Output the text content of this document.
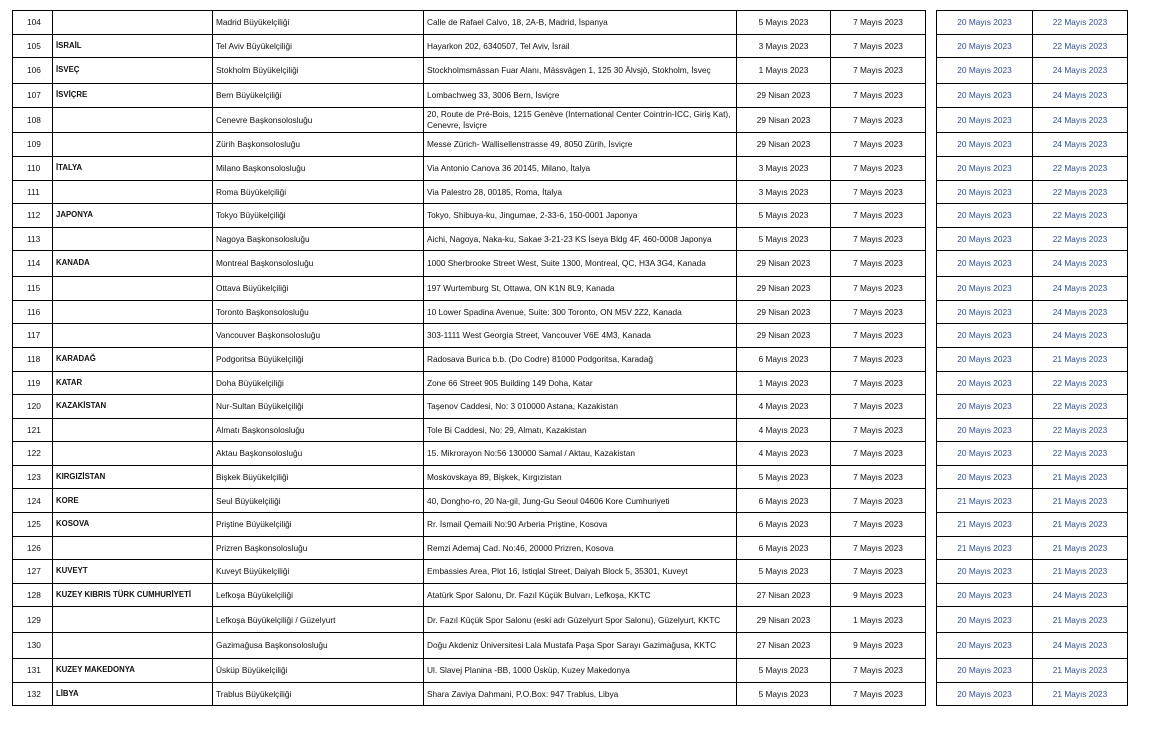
104		Madrid Büyükelçiliği	Calle de Rafael Calvo, 18, 2A-B, Madrid, İspanya	5 Mayıs 2023	7 Mayıs 2023		20 Mayıs 2023	22 Mayıs 2023
105	İSRAİL	Tel Aviv Büyükelçiliği	Hayarkon 202, 6340507, Tel Aviv, İsrail	3 Mayıs 2023	7 Mayıs 2023		20 Mayıs 2023	22 Mayıs 2023
106	İSVEÇ	Stokholm Büyükelçiliği	Stockholmsmässan Fuar Alanı, Mässvägen 1, 125 30 Älvsjö, Stokholm, İsveç	1 Mayıs 2023	7 Mayıs 2023		20 Mayıs 2023	24 Mayıs 2023
107	İSVİÇRE	Bern Büyükelçiliği	Lombachweg 33, 3006 Bern, İsviçre	29 Nisan 2023	7 Mayıs 2023		20 Mayıs 2023	24 Mayıs 2023
108		Cenevre Başkonsolosluğu	20, Route de Pré-Bois, 1215 Genève (International Center Cointrin-ICC, Giriş Kat), Cenevre, İsviçre	29 Nisan 2023	7 Mayıs 2023		20 Mayıs 2023	24 Mayıs 2023
109		Zürih Başkonsolosluğu	Messe Zürich- Wallisellenstrasse 49, 8050 Zürih, İsviçre	29 Nisan 2023	7 Mayıs 2023		20 Mayıs 2023	24 Mayıs 2023
110	İTALYA	Milano Başkonsolosluğu	Via Antonio Canova 36 20145, Milano, İtalya	3 Mayıs 2023	7 Mayıs 2023		20 Mayıs 2023	22 Mayıs 2023
111		Roma Büyükelçiliği	Via Palestro 28, 00185, Roma, İtalya	3 Mayıs 2023	7 Mayıs 2023		20 Mayıs 2023	22 Mayıs 2023
112	JAPONYA	Tokyo Büyükelçiliği	Tokyo, Shibuya-ku, Jingumae, 2-33-6, 150-0001 Japonya	5 Mayıs 2023	7 Mayıs 2023		20 Mayıs 2023	22 Mayıs 2023
113		Nagoya Başkonsolosluğu	Aichi, Nagoya, Naka-ku, Sakae 3-21-23 KS İseya Bldg 4F, 460-0008 Japonya	5 Mayıs 2023	7 Mayıs 2023		20 Mayıs 2023	22 Mayıs 2023
114	KANADA	Montreal Başkonsolosluğu	1000 Sherbrooke Street West, Suite 1300, Montreal, QC, H3A 3G4, Kanada	29 Nisan 2023	7 Mayıs 2023		20 Mayıs 2023	24 Mayıs 2023
115		Ottava Büyükelçiliği	197 Wurtemburg St, Ottawa, ON K1N 8L9, Kanada	29 Nisan 2023	7 Mayıs 2023		20 Mayıs 2023	24 Mayıs 2023
116		Toronto Başkonsolosluğu	10 Lower Spadina Avenue, Suite: 300 Toronto, ON M5V 2Z2, Kanada	29 Nisan 2023	7 Mayıs 2023		20 Mayıs 2023	24 Mayıs 2023
117		Vancouver Başkonsolosluğu	303-1111 West Georgia Street, Vancouver V6E 4M3, Kanada	29 Nisan 2023	7 Mayıs 2023		20 Mayıs 2023	24 Mayıs 2023
118	KARADAĞ	Podgoritsa Büyükelçiliği	Radosava Burica b.b. (Do Codre) 81000 Podgoritsa, Karadağ	6 Mayıs 2023	7 Mayıs 2023		20 Mayıs 2023	21 Mayıs 2023
119	KATAR	Doha Büyükelçiliği	Zone 66 Street 905 Building 149 Doha, Katar	1 Mayıs 2023	7 Mayıs 2023		20 Mayıs 2023	22 Mayıs 2023
120	KAZAKİSTAN	Nur-Sultan Büyükelçiliği	Taşenov Caddesi, No: 3 010000 Astana, Kazakistan	4 Mayıs 2023	7 Mayıs 2023		20 Mayıs 2023	22 Mayıs 2023
121		Almatı Başkonsolosluğu	Tole Bi Caddesi, No: 29, Almatı, Kazakistan	4 Mayıs 2023	7 Mayıs 2023		20 Mayıs 2023	22 Mayıs 2023
122		Aktau Başkonsolosluğu	15. Mikrorayon No:56 130000 Samal / Aktau, Kazakistan	4 Mayıs 2023	7 Mayıs 2023		20 Mayıs 2023	22 Mayıs 2023
123	KIRGIZİSTAN	Bişkek Büyükelçiliği	Moskovskaya 89, Bişkek, Kırgızistan	5 Mayıs 2023	7 Mayıs 2023		20 Mayıs 2023	21 Mayıs 2023
124	KORE	Seul Büyükelçiliği	40, Dongho-ro, 20 Na-gil, Jung-Gu Seoul 04606 Kore Cumhuriyeti	6 Mayıs 2023	7 Mayıs 2023		21 Mayıs 2023	21 Mayıs 2023
125	KOSOVA	Priştine Büyükelçiliği	Rr. İsmail Qemaili No:90 Arberia Priştine, Kosova	6 Mayıs 2023	7 Mayıs 2023		21 Mayıs 2023	21 Mayıs 2023
126		Prizren Başkonsolosluğu	Remzi Ademaj Cad. No:46, 20000 Prizren, Kosova	6 Mayıs 2023	7 Mayıs 2023		21 Mayıs 2023	21 Mayıs 2023
127	KUVEYT	Kuveyt Büyükelçiliği	Embassies Area, Plot 16, Istiqlal Street, Daiyah Block 5, 35301, Kuveyt	5 Mayıs 2023	7 Mayıs 2023		20 Mayıs 2023	21 Mayıs 2023
128	KUZEY KIBRIS TÜRK CUMHURİYETİ	Lefkoşa Büyükelçiliği	Atatürk Spor Salonu, Dr. Fazıl Küçük Bulvarı, Lefkoşa, KKTC	27 Nisan 2023	9 Mayıs 2023		20 Mayıs 2023	24 Mayıs 2023
129		Lefkoşa Büyükelçiliği / Güzelyurt	Dr. Fazıl Küçük Spor Salonu (eski adı Güzelyurt Spor Salonu), Güzelyurt, KKTC	29 Nisan 2023	1 Mayıs 2023		20 Mayıs 2023	21 Mayıs 2023
130		Gazimağusa Başkonsolosluğu	Doğu Akdeniz Üniversitesi Lala Mustafa Paşa Spor Sarayı Gazimağusa, KKTC	27 Nisan 2023	9 Mayıs 2023		20 Mayıs 2023	24 Mayıs 2023
131	KUZEY MAKEDONYA	Üsküp Büyükelçiliği	Ul. Slavej Planina -BB, 1000 Üsküp, Kuzey Makedonya	5 Mayıs 2023	7 Mayıs 2023		20 Mayıs 2023	21 Mayıs 2023
132	LİBYA	Trablus Büyükelçiliği	Shara Zaviya Dahmani, P.O.Box: 947 Trablus, Libya	5 Mayıs 2023	7 Mayıs 2023		20 Mayıs 2023	21 Mayıs 2023
